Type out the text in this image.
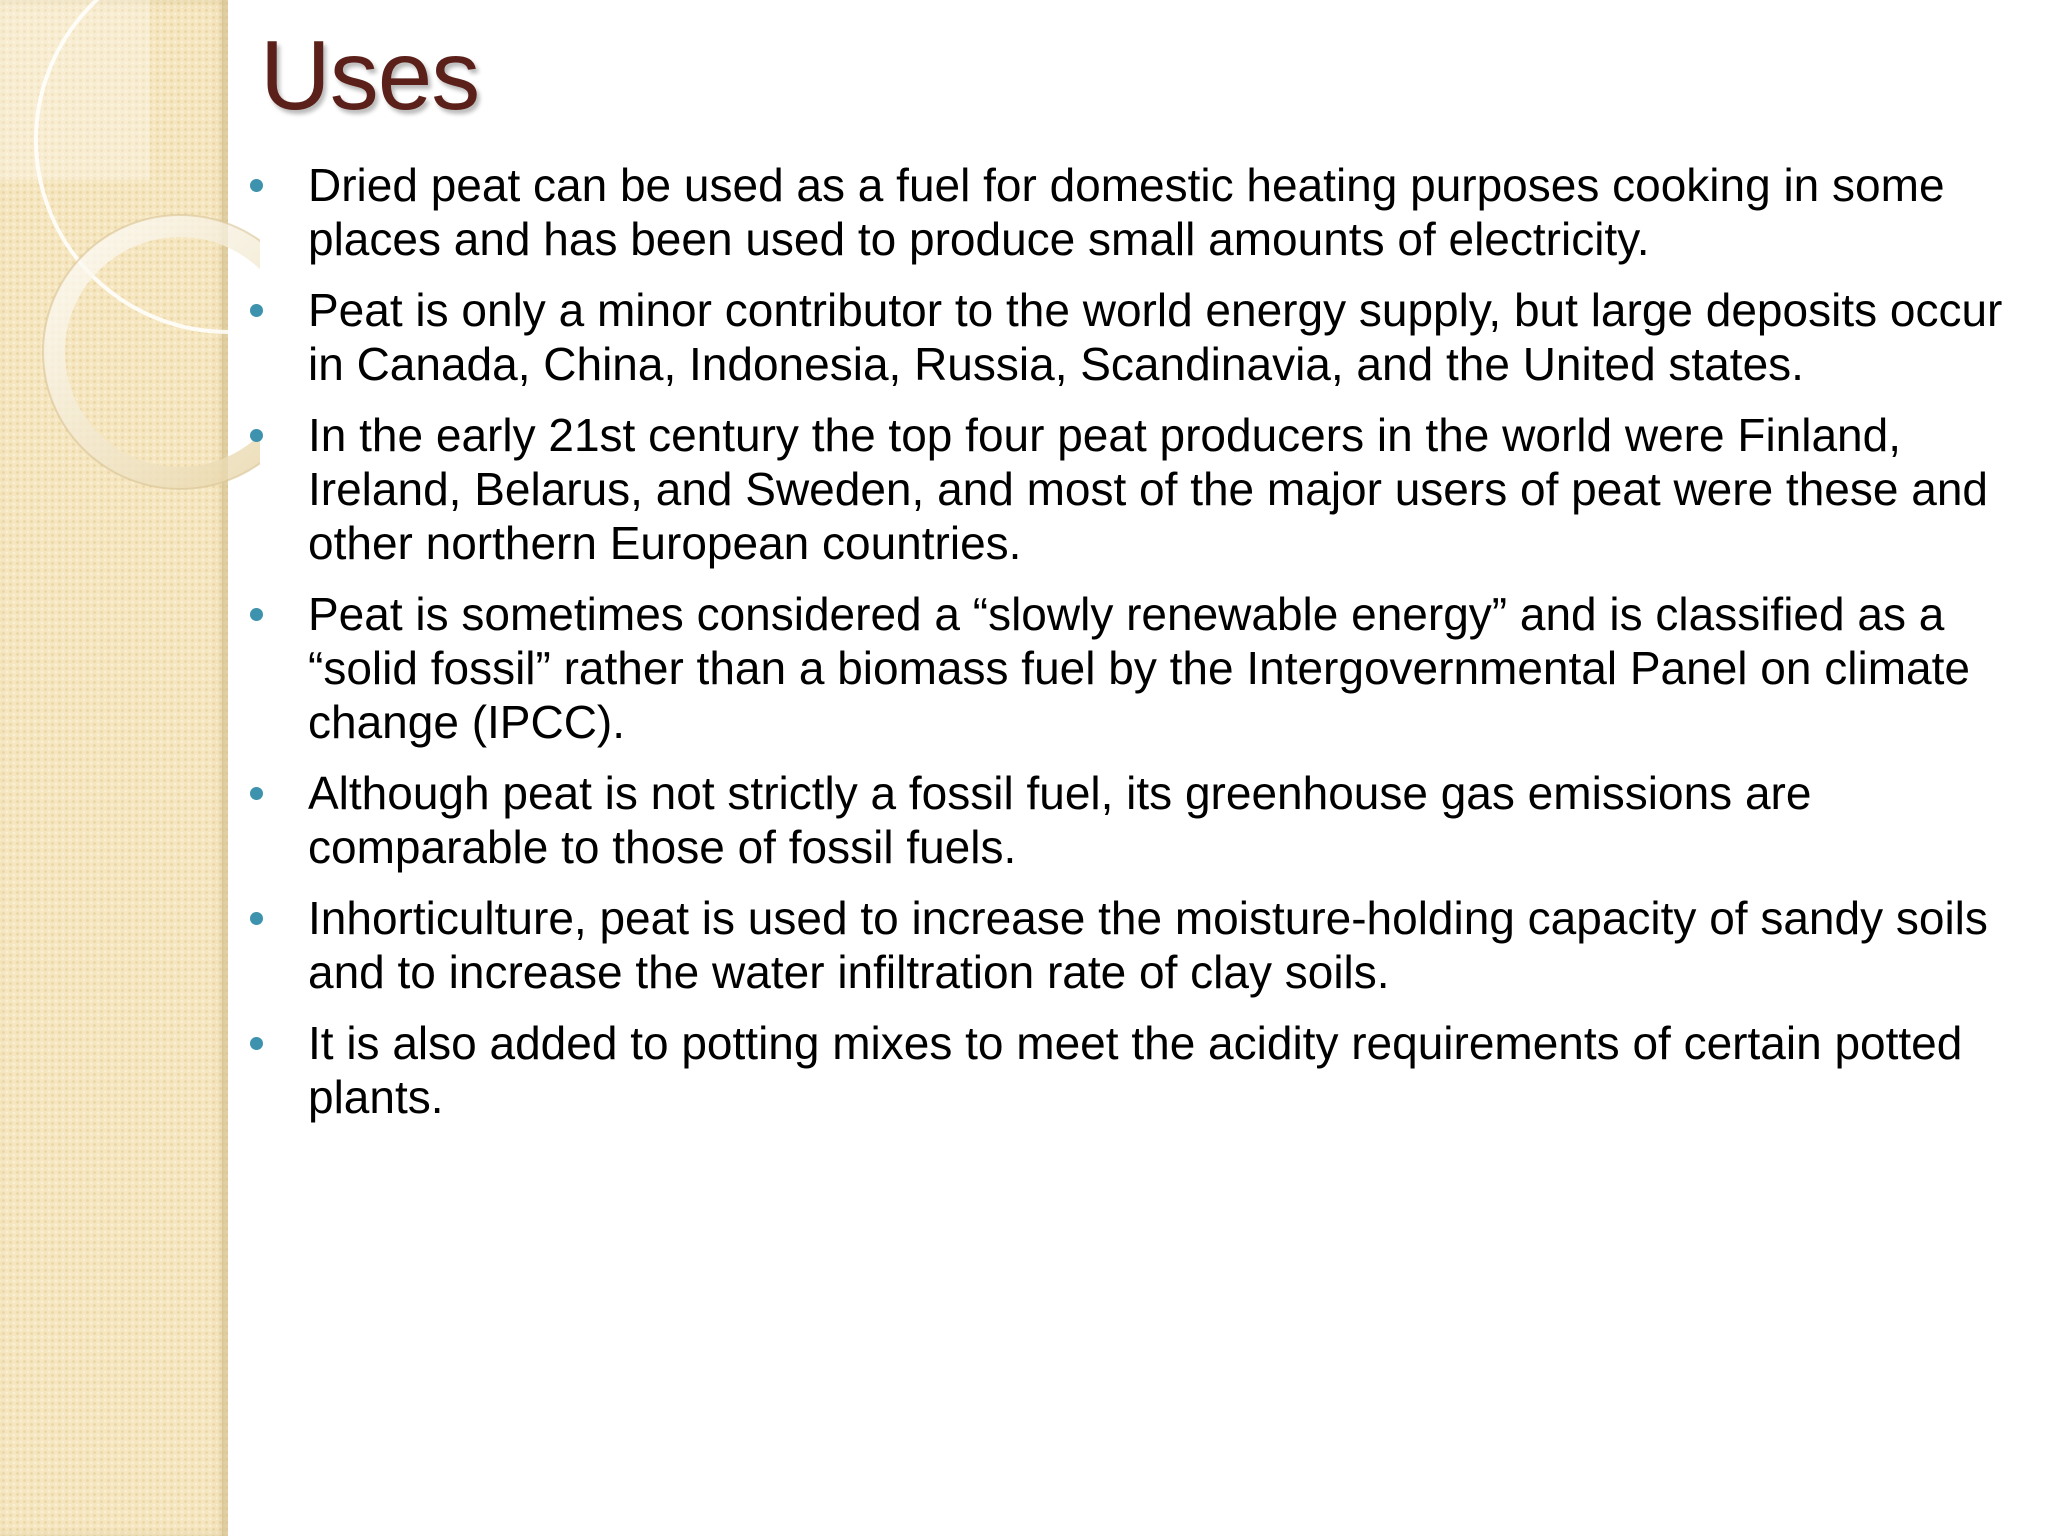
Uses
Dried peat can be used as a fuel for domestic heating purposes cooking in some places and has been used to produce small amounts of electricity.
Peat is only a minor contributor to the world energy supply, but large deposits occur in Canada, China, Indonesia, Russia, Scandinavia, and the United states.
In the early 21st century the top four peat producers in the world were Finland, Ireland, Belarus, and Sweden, and most of the major users of peat were these and other northern European countries.
Peat is sometimes considered a “slowly renewable energy” and is classified as a “solid fossil” rather than a biomass fuel by the Intergovernmental Panel on climate change (IPCC).
Although peat is not strictly a fossil fuel, its greenhouse gas emissions are comparable to those of fossil fuels.
Inhorticulture, peat is used to increase the moisture-holding capacity of sandy soils and to increase the water infiltration rate of clay soils.
It is also added to potting mixes to meet the acidity requirements of certain potted plants.
